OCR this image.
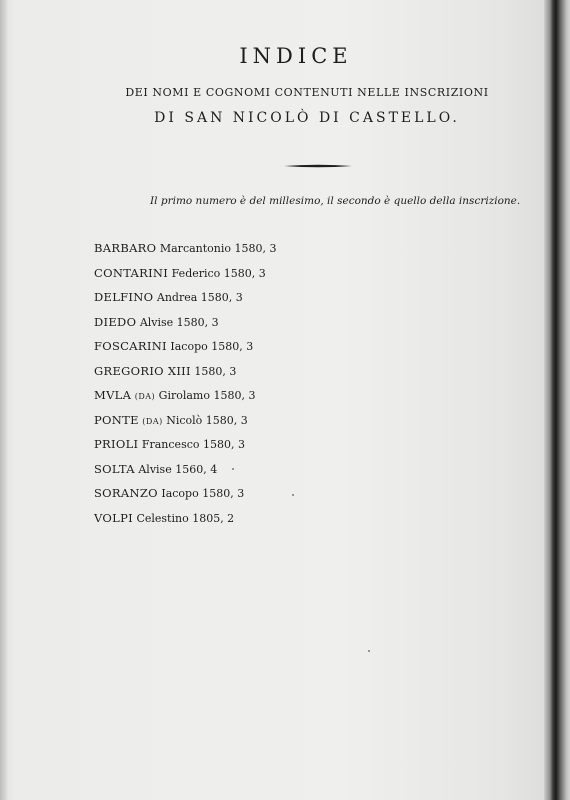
INDICE
DEI NOMI E COGNOMI CONTENUTI NELLE INSCRIZIONI
DI SAN NICOLÒ DI CASTELLO.
Il primo numero è del millesimo, il secondo è quello della inscrizione.
BARBARO Marcantonio 1580, 3
CONTARINI Federico 1580, 3
DELFINO Andrea 1580, 3
DIEDO Alvise 1580, 3
FOSCARINI Iacopo 1580, 3
GREGORIO XIII 1580, 3
MVLA (DA) Girolamo 1580, 3
PONTE (DA) Nicolò 1580, 3
PRIOLI Francesco 1580, 3
SOLTA Alvise 1560, 4
SORANZO Iacopo 1580, 3
VOLPI Celestino 1805, 2
